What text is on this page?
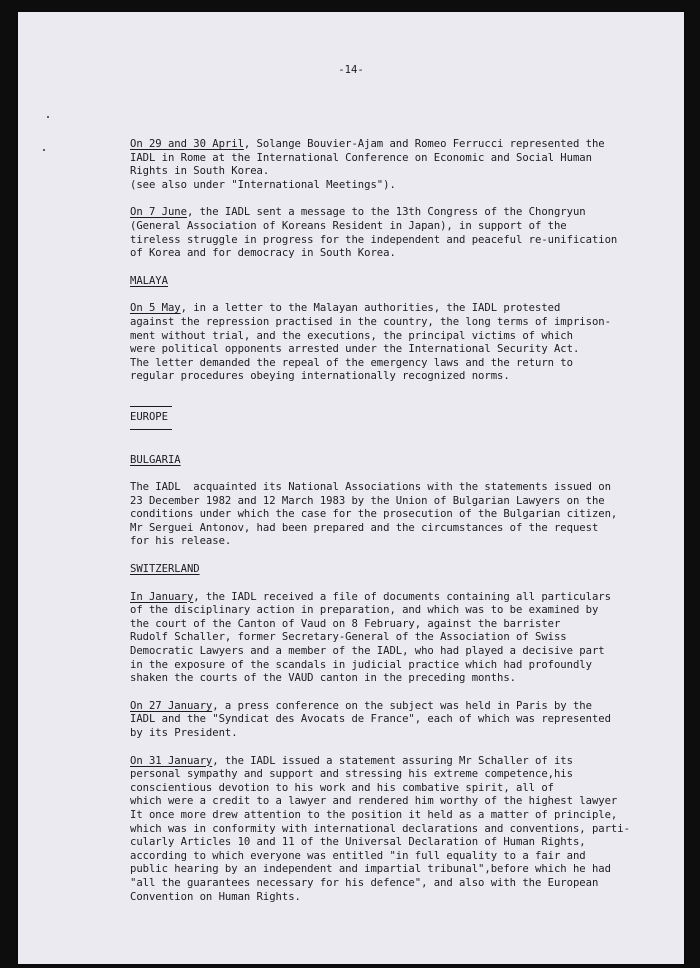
-14-
On 29 and 30 April, Solange Bouvier-Ajam and Romeo Ferrucci represented the
IADL in Rome at the International Conference on Economic and Social Human
Rights in South Korea.
(see also under "International Meetings").
On 7 June, the IADL sent a message to the 13th Congress of the Chongryun
(General Association of Koreans Resident in Japan), in support of the
tireless struggle in progress for the independent and peaceful re-unification
of Korea and for democracy in South Korea.
MALAYA
On 5 May, in a letter to the Malayan authorities, the IADL protested
against the repression practised in the country, the long terms of imprison-
ment without trial, and the executions, the principal victims of which
were political opponents arrested under the International Security Act.
The letter demanded the repeal of the emergency laws and the return to
regular procedures obeying internationally recognized norms.
EUROPE
BULGARIA
The IADL  acquainted its National Associations with the statements issued on
23 December 1982 and 12 March 1983 by the Union of Bulgarian Lawyers on the
conditions under which the case for the prosecution of the Bulgarian citizen,
Mr Serguei Antonov, had been prepared and the circumstances of the request
for his release.
SWITZERLAND
In January, the IADL received a file of documents containing all particulars
of the disciplinary action in preparation, and which was to be examined by
the court of the Canton of Vaud on 8 February, against the barrister
Rudolf Schaller, former Secretary-General of the Association of Swiss
Democratic Lawyers and a member of the IADL, who had played a decisive part
in the exposure of the scandals in judicial practice which had profoundly
shaken the courts of the VAUD canton in the preceding months.
On 27 January, a press conference on the subject was held in Paris by the
IADL and the "Syndicat des Avocats de France", each of which was represented
by its President.
On 31 January, the IADL issued a statement assuring Mr Schaller of its
personal sympathy and support and stressing his extreme competence,his
conscientious devotion to his work and his combative spirit, all of
which were a credit to a lawyer and rendered him worthy of the highest lawyer
It once more drew attention to the position it held as a matter of principle,
which was in conformity with international declarations and conventions, parti-
cularly Articles 10 and 11 of the Universal Declaration of Human Rights,
according to which everyone was entitled "in full equality to a fair and
public hearing by an independent and impartial tribunal",before which he had
"all the guarantees necessary for his defence", and also with the European
Convention on Human Rights.
